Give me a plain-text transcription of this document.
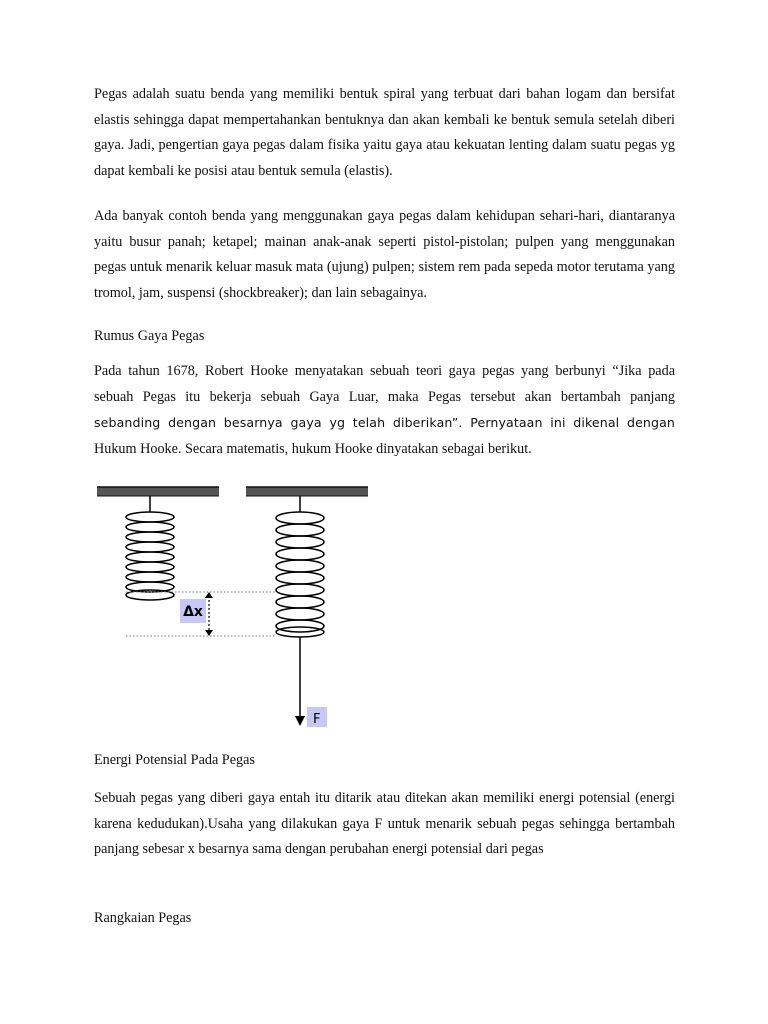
Pegas adalah suatu benda yang memiliki bentuk spiral yang terbuat dari bahan logam dan bersifat elastis sehingga dapat mempertahankan bentuknya dan akan kembali ke bentuk semula setelah diberi gaya. Jadi, pengertian gaya pegas dalam fisika yaitu gaya atau kekuatan lenting dalam suatu pegas yg dapat kembali ke posisi atau bentuk semula (elastis).

Ada banyak contoh benda yang menggunakan gaya pegas dalam kehidupan sehari-hari, diantaranya yaitu busur panah; ketapel; mainan anak-anak seperti pistol-pistolan; pulpen yang menggunakan pegas untuk menarik keluar masuk mata (ujung) pulpen; sistem rem pada sepeda motor terutama yang tromol, jam, suspensi (shockbreaker); dan lain sebagainya.

Rumus Gaya Pegas

Pada tahun 1678, Robert Hooke menyatakan sebuah teori gaya pegas yang berbunyi “Jika pada sebuah Pegas itu bekerja sebuah Gaya Luar, maka Pegas tersebut akan bertambah panjang sebanding dengan besarnya gaya yg telah diberikan”. Pernyataan ini dikenal dengan Hukum Hooke. Secara matematis, hukum Hooke dinyatakan sebagai berikut.

Δx
F

Energi Potensial Pada Pegas

Sebuah pegas yang diberi gaya entah itu ditarik atau ditekan akan memiliki energi potensial (energi karena kedudukan).Usaha yang dilakukan gaya F untuk menarik sebuah pegas sehingga bertambah panjang sebesar x besarnya sama dengan perubahan energi potensial dari pegas

Rangkaian Pegas
